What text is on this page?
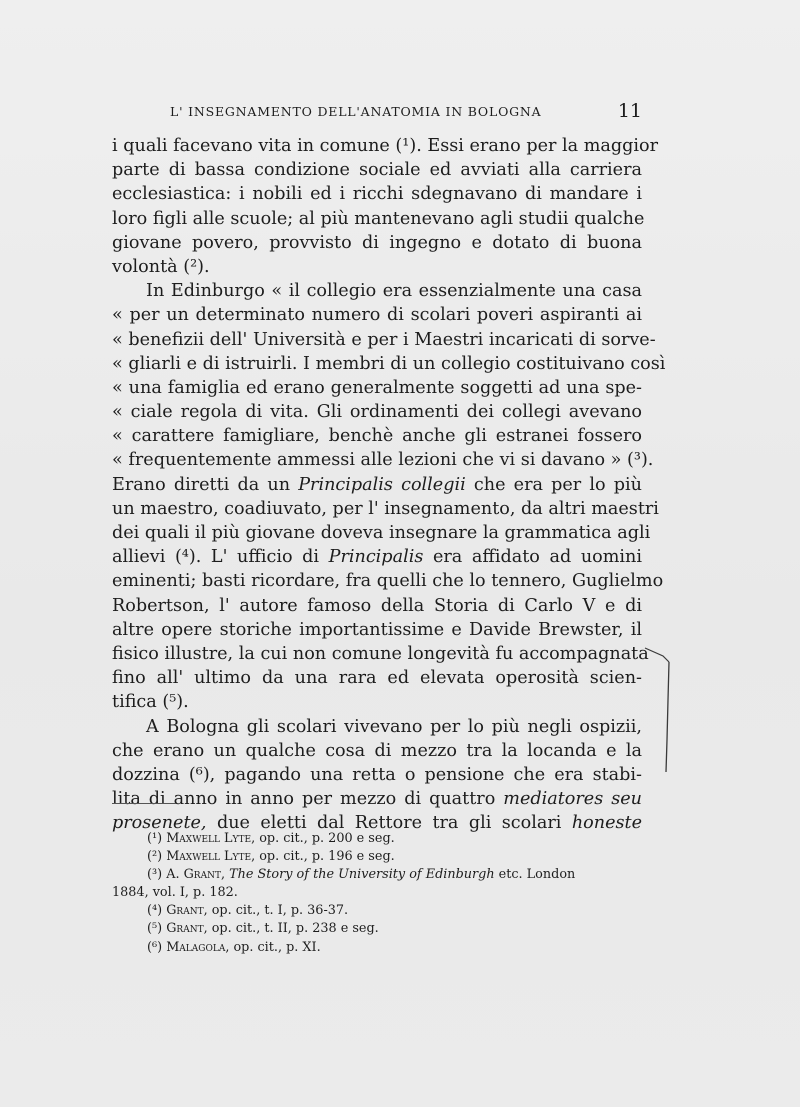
L' INSEGNAMENTO DELL'ANATOMIA IN BOLOGNA	11
i quali facevano vita in comune (¹). Essi erano per la maggior
parte di bassa condizione sociale ed avviati alla carriera
ecclesiastica: i nobili ed i ricchi sdegnavano di mandare i
loro figli alle scuole; al più mantenevano agli studii qualche
giovane povero, provvisto di ingegno e dotato di buona
volontà (²).
In Edinburgo « il collegio era essenzialmente una casa
« per un determinato numero di scolari poveri aspiranti ai
« benefizii dell' Università e per i Maestri incaricati di sorve-
« gliarli e di istruirli. I membri di un collegio costituivano così
« una famiglia ed erano generalmente soggetti ad una spe-
« ciale regola di vita. Gli ordinamenti dei collegi avevano
« carattere famigliare, benchè anche gli estranei fossero
« frequentemente ammessi alle lezioni che vi si davano » (³).
Erano diretti da un Principalis collegii che era per lo più
un maestro, coadiuvato, per l' insegnamento, da altri maestri
dei quali il più giovane doveva insegnare la grammatica agli
allievi (⁴). L' ufficio di Principalis era affidato ad uomini
eminenti; basti ricordare, fra quelli che lo tennero, Guglielmo
Robertson, l' autore famoso della Storia di Carlo V e di
altre opere storiche importantissime e Davide Brewster, il
fisico illustre, la cui non comune longevità fu accompagnata
fino all' ultimo da una rara ed elevata operosità scien-
tifica (⁵).
A Bologna gli scolari vivevano per lo più negli ospizii,
che erano un qualche cosa di mezzo tra la locanda e la
dozzina (⁶), pagando una retta o pensione che era stabi-
lita di anno in anno per mezzo di quattro mediatores seu
prosenete, due eletti dal Rettore tra gli scolari honeste
(¹) Maxwell Lyte, op. cit., p. 200 e seg.
(²) Maxwell Lyte, op. cit., p. 196 e seg.
(³) A. Grant, The Story of the University of Edinburgh etc. London
1884, vol. I, p. 182.
(⁴) Grant, op. cit., t. I, p. 36-37.
(⁵) Grant, op. cit., t. II, p. 238 e seg.
(⁶) Malagola, op. cit., p. XI.
